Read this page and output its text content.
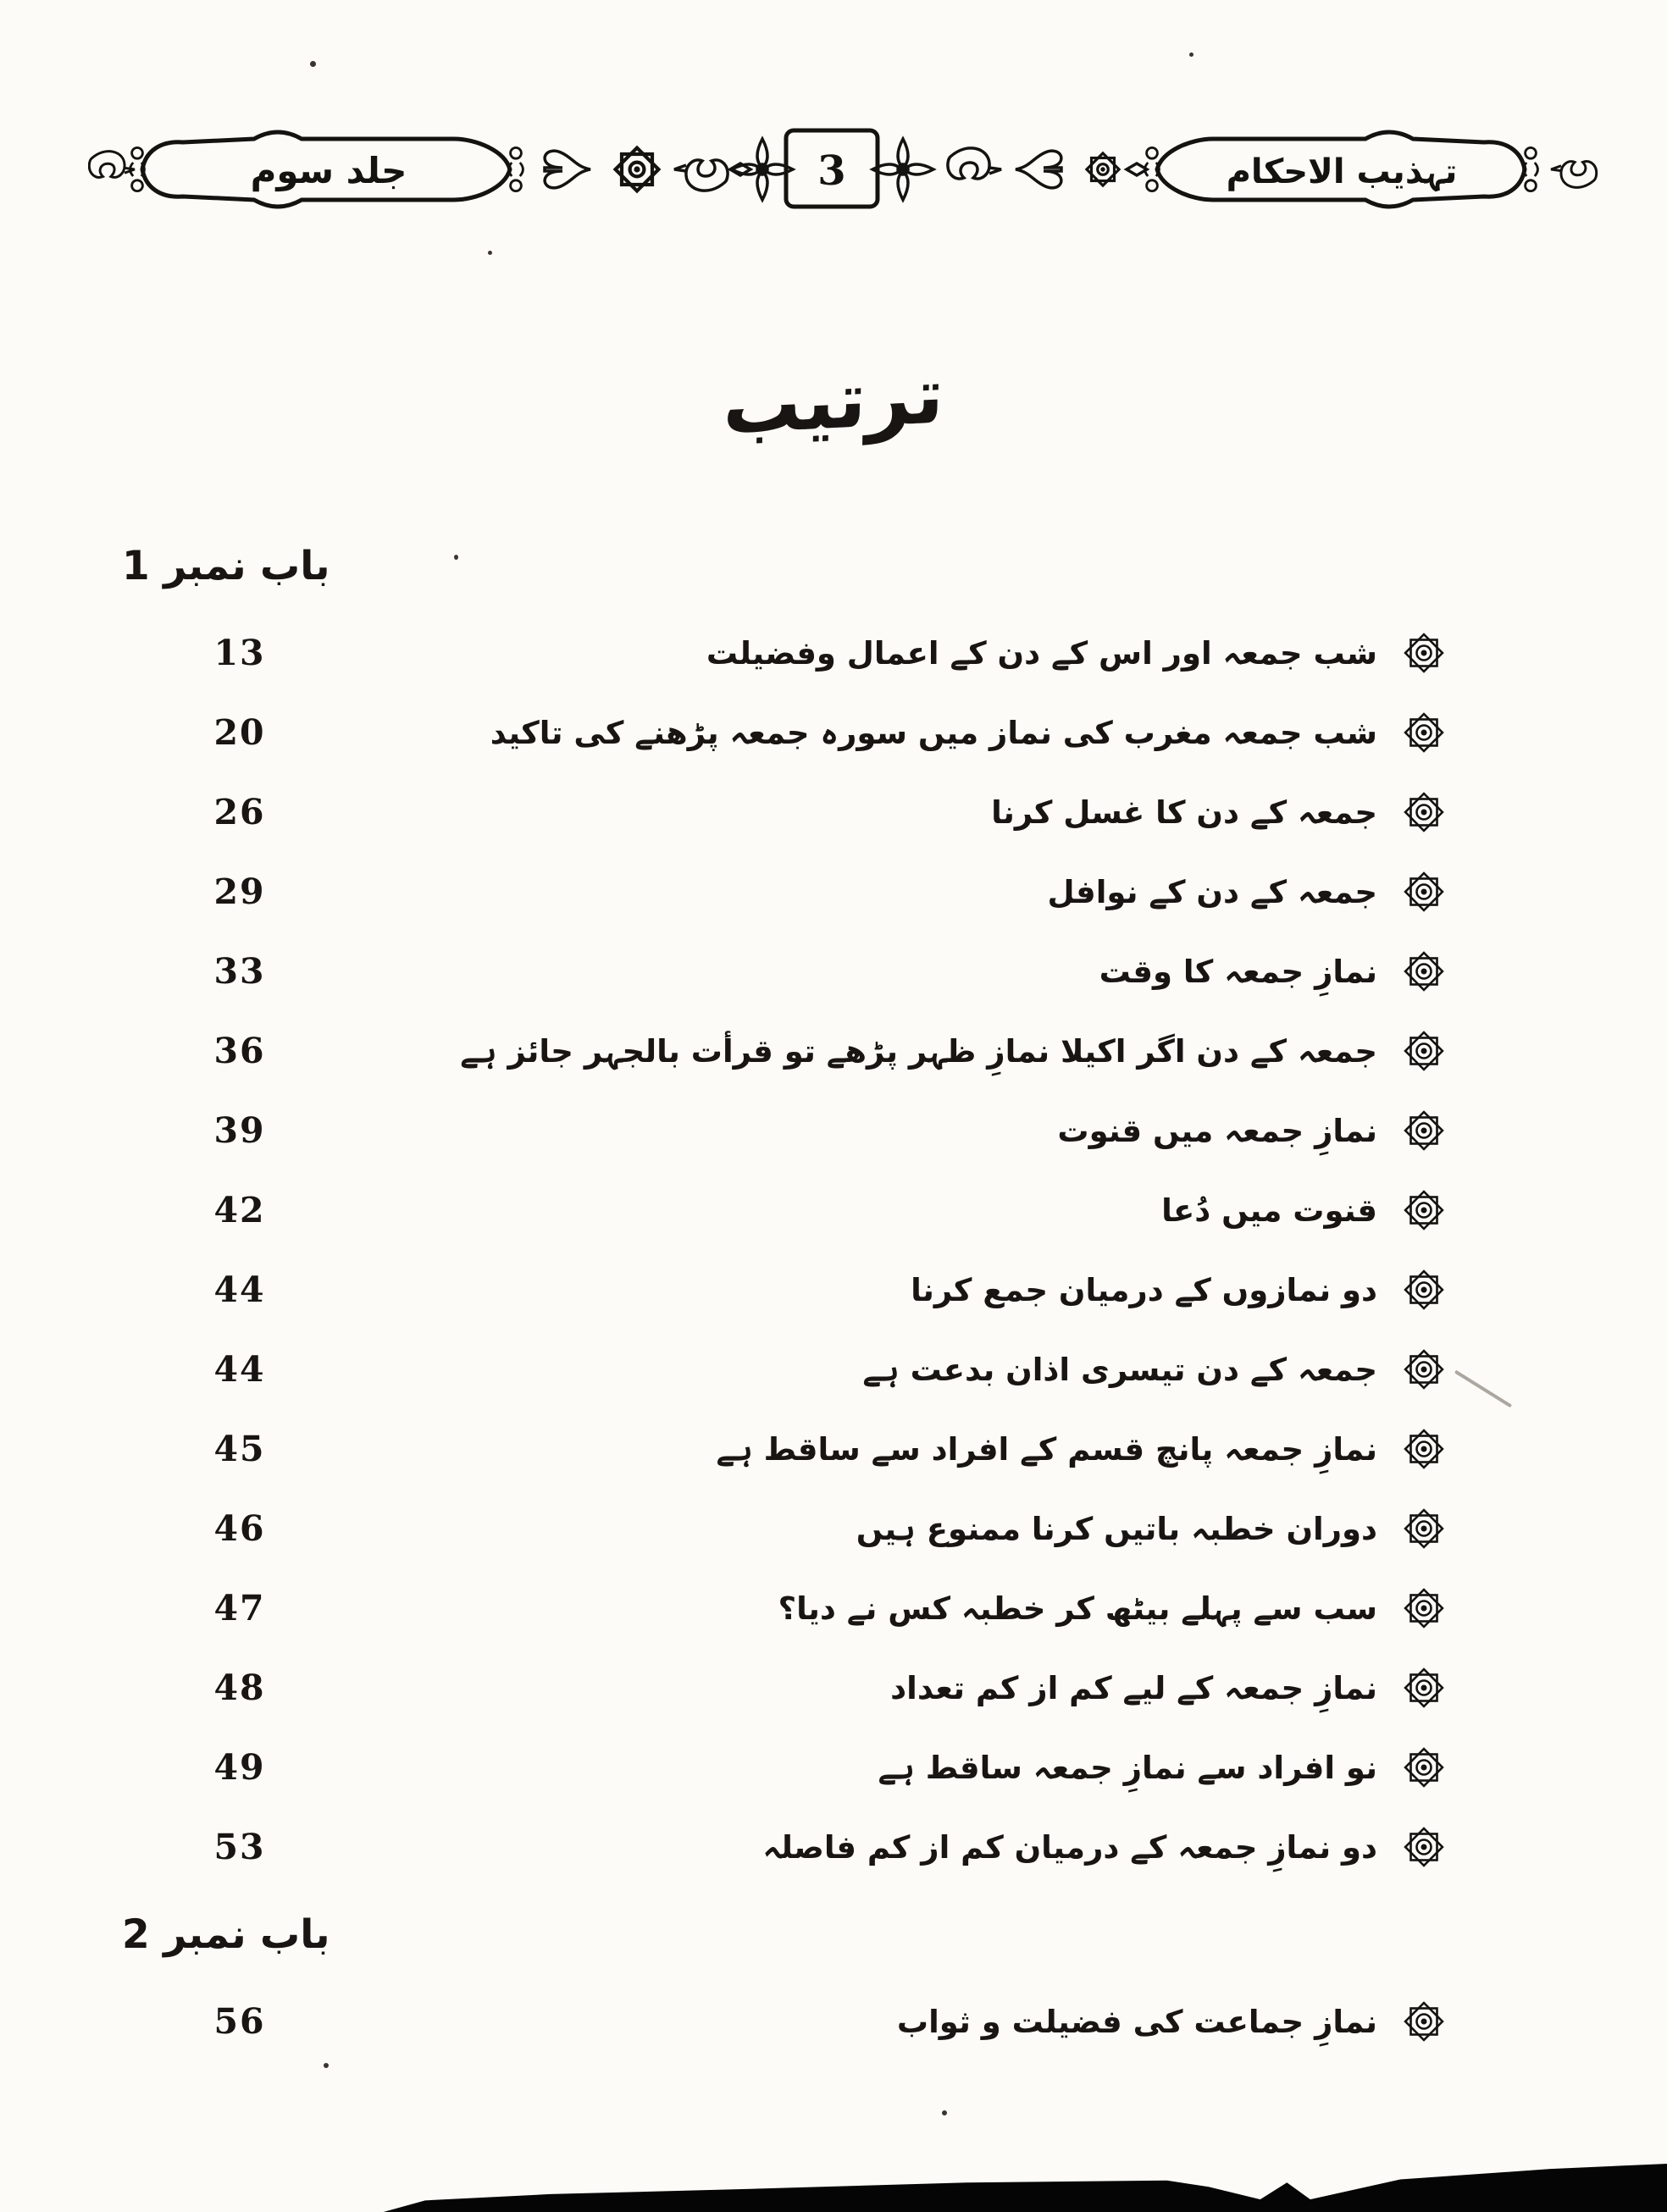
جلد سوم	3	تہذیب الاحکام
ترتیب
باب نمبر 1
13	شب جمعہ اور اس کے دن کے اعمال وفضیلت
20	شب جمعہ مغرب کی نماز میں سورہ جمعہ پڑھنے کی تاکید
26	جمعہ کے دن کا غسل کرنا
29	جمعہ کے دن کے نوافل
33	نمازِ جمعہ کا وقت
36	جمعہ کے دن اگر اکیلا نمازِ ظہر پڑھے تو قرأت بالجہر جائز ہے
39	نمازِ جمعہ میں قنوت
42	قنوت میں دُعا
44	دو نمازوں کے درمیان جمع کرنا
44	جمعہ کے دن تیسری اذان بدعت ہے
45	نمازِ جمعہ پانچ قسم کے افراد سے ساقط ہے
46	دوران خطبہ باتیں کرنا ممنوع ہیں
47	سب سے پہلے بیٹھ کر خطبہ کس نے دیا؟
48	نمازِ جمعہ کے لیے کم از کم تعداد
49	نو افراد سے نمازِ جمعہ ساقط ہے
53	دو نمازِ جمعہ کے درمیان کم از کم فاصلہ
باب نمبر 2
56	نمازِ جماعت کی فضیلت و ثواب
